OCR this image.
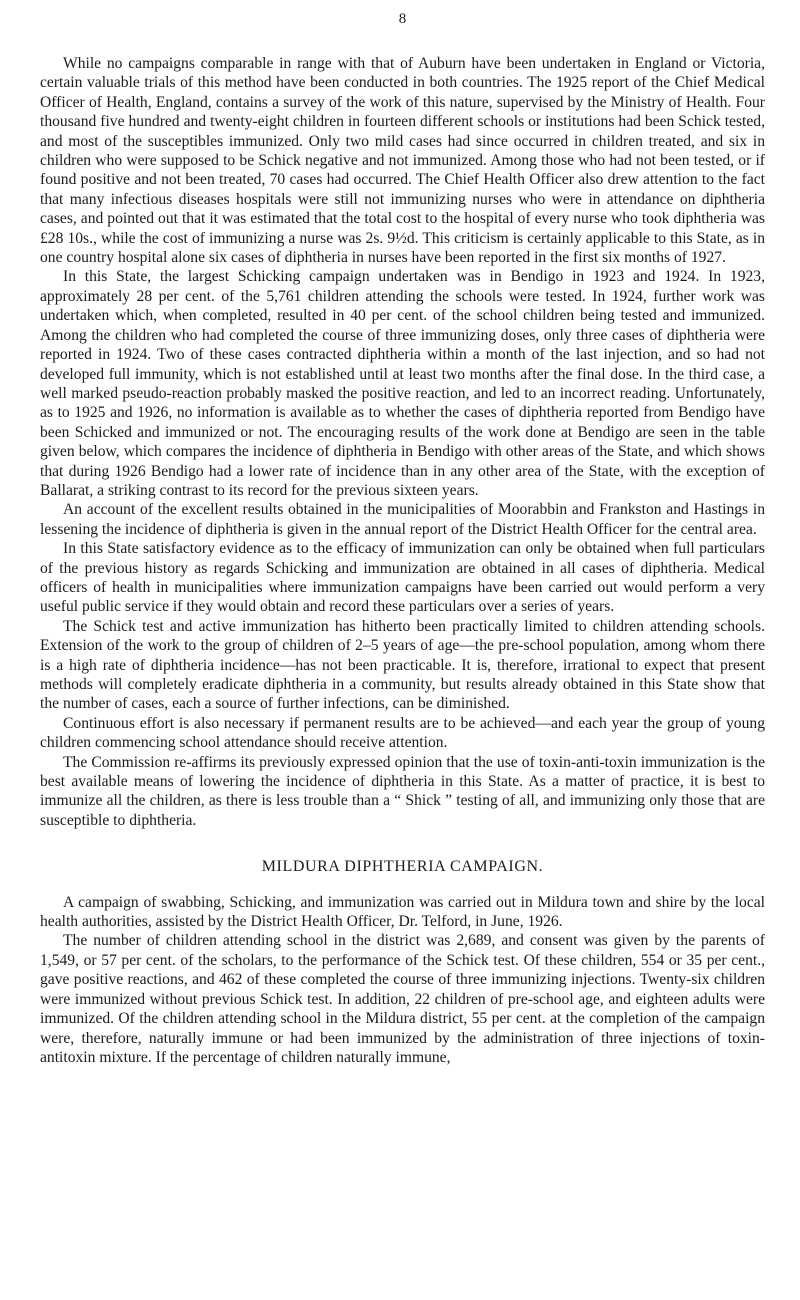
8

While no campaigns comparable in range with that of Auburn have been undertaken in England or Victoria, certain valuable trials of this method have been conducted in both countries. The 1925 report of the Chief Medical Officer of Health, England, contains a survey of the work of this nature, supervised by the Ministry of Health. Four thousand five hundred and twenty-eight children in fourteen different schools or institutions had been Schick tested, and most of the susceptibles immunized. Only two mild cases had since occurred in children treated, and six in children who were supposed to be Schick negative and not immunized. Among those who had not been tested, or if found positive and not been treated, 70 cases had occurred. The Chief Health Officer also drew attention to the fact that many infectious diseases hospitals were still not immunizing nurses who were in attendance on diphtheria cases, and pointed out that it was estimated that the total cost to the hospital of every nurse who took diphtheria was £28 10s., while the cost of immunizing a nurse was 2s. 9½d. This criticism is certainly applicable to this State, as in one country hospital alone six cases of diphtheria in nurses have been reported in the first six months of 1927.

In this State, the largest Schicking campaign undertaken was in Bendigo in 1923 and 1924. In 1923, approximately 28 per cent. of the 5,761 children attending the schools were tested. In 1924, further work was undertaken which, when completed, resulted in 40 per cent. of the school children being tested and immunized. Among the children who had completed the course of three immunizing doses, only three cases of diphtheria were reported in 1924. Two of these cases contracted diphtheria within a month of the last injection, and so had not developed full immunity, which is not established until at least two months after the final dose. In the third case, a well marked pseudo-reaction probably masked the positive reaction, and led to an incorrect reading. Unfortunately, as to 1925 and 1926, no information is available as to whether the cases of diphtheria reported from Bendigo have been Schicked and immunized or not. The encouraging results of the work done at Bendigo are seen in the table given below, which compares the incidence of diphtheria in Bendigo with other areas of the State, and which shows that during 1926 Bendigo had a lower rate of incidence than in any other area of the State, with the exception of Ballarat, a striking contrast to its record for the previous sixteen years.

An account of the excellent results obtained in the municipalities of Moorabbin and Frankston and Hastings in lessening the incidence of diphtheria is given in the annual report of the District Health Officer for the central area.

In this State satisfactory evidence as to the efficacy of immunization can only be obtained when full particulars of the previous history as regards Schicking and immunization are obtained in all cases of diphtheria. Medical officers of health in municipalities where immunization campaigns have been carried out would perform a very useful public service if they would obtain and record these particulars over a series of years.

The Schick test and active immunization has hitherto been practically limited to children attending schools. Extension of the work to the group of children of 2–5 years of age—the pre-school population, among whom there is a high rate of diphtheria incidence—has not been practicable. It is, therefore, irrational to expect that present methods will completely eradicate diphtheria in a community, but results already obtained in this State show that the number of cases, each a source of further infections, can be diminished.

Continuous effort is also necessary if permanent results are to be achieved—and each year the group of young children commencing school attendance should receive attention.

The Commission re-affirms its previously expressed opinion that the use of toxin-anti-toxin immunization is the best available means of lowering the incidence of diphtheria in this State. As a matter of practice, it is best to immunize all the children, as there is less trouble than a “ Shick ” testing of all, and immunizing only those that are susceptible to diphtheria.

MILDURA DIPHTHERIA CAMPAIGN.

A campaign of swabbing, Schicking, and immunization was carried out in Mildura town and shire by the local health authorities, assisted by the District Health Officer, Dr. Telford, in June, 1926.

The number of children attending school in the district was 2,689, and consent was given by the parents of 1,549, or 57 per cent. of the scholars, to the performance of the Schick test. Of these children, 554 or 35 per cent., gave positive reactions, and 462 of these completed the course of three immunizing injections. Twenty-six children were immunized without previous Schick test. In addition, 22 children of pre-school age, and eighteen adults were immunized. Of the children attending school in the Mildura district, 55 per cent. at the completion of the campaign were, therefore, naturally immune or had been immunized by the administration of three injections of toxin-antitoxin mixture. If the percentage of children naturally immune,
